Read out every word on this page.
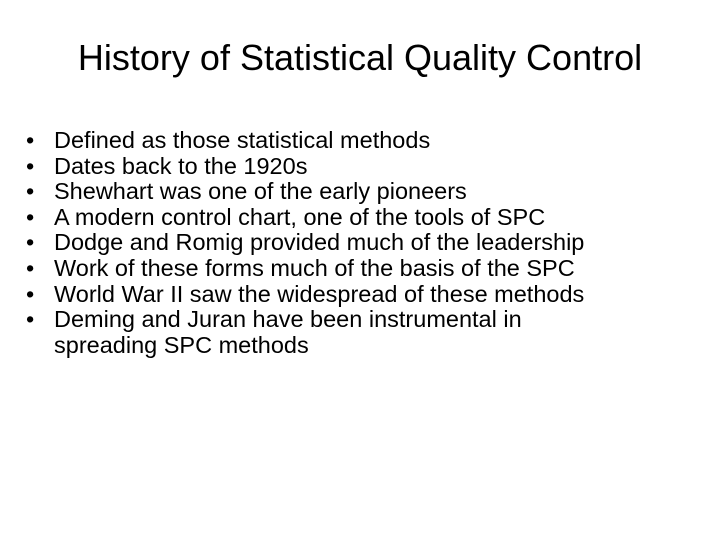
History of Statistical Quality Control
• Defined as those statistical methods
• Dates back to the 1920s
• Shewhart was one of the early pioneers
• A modern control chart, one of the tools of SPC
• Dodge and Romig provided much of the leadership
• Work of these forms much of the basis of the SPC
• World War II saw the widespread of these methods
• Deming and Juran have been instrumental in spreading SPC methods
